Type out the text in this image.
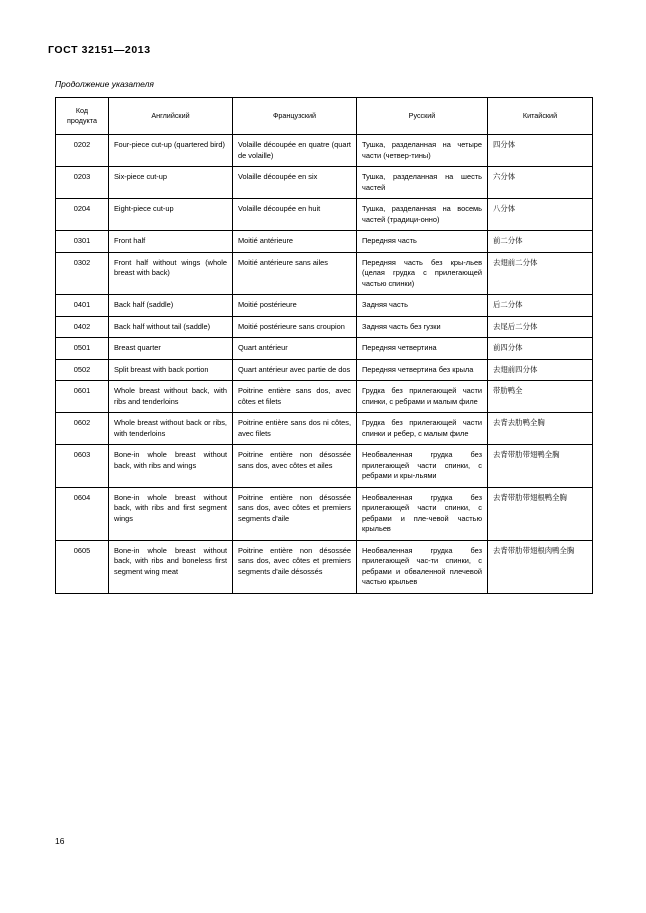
ГОСТ 32151—2013
Продолжение указателя
Код
продукта	Английский	Французский	Русский	Китайский
0202	Four-piece cut-up (quartered bird)	Volaille découpée en quatre (quart de volaille)	Тушка, разделанная на четыре части (четвер-тины)	四分体
0203	Six-piece cut-up	Volaille découpée en six	Тушка, разделанная на шесть частей	六分体
0204	Eight-piece cut-up	Volaille découpée en huit	Тушка, разделанная на восемь частей (традици-онно)	八分体
0301	Front half	Moitié antérieure	Передняя часть	前二分体
0302	Front half without wings (whole breast with back)	Moitié antérieure sans ailes	Передняя часть без кры-льев (целая грудка с прилегающей частью спинки)	去翅前二分体
0401	Back half (saddle)	Moitié postérieure	Задняя часть	后二分体
0402	Back half without tail (saddle)	Moitié postérieure sans croupion	Задняя часть без гузки	去尾后二分体
0501	Breast quarter	Quart antérieur	Передняя четвертина	前四分体
0502	Split breast with back portion	Quart antérieur avec partie de dos	Передняя четвертина без крыла	去翅前四分体
0601	Whole breast without back, with ribs and tenderloins	Poitrine entière sans dos, avec côtes et filets	Грудка без прилегающей части спинки, с ребрами и малым филе	带肋鸭全
0602	Whole breast without back or ribs, with tenderloins	Poitrine entière sans dos ni côtes, avec filets	Грудка без прилегающей части спинки и ребер, с малым филе	去背去肋鸭全胸
0603	Bone-in whole breast without back, with ribs and wings	Poitrine entière non désossée sans dos, avec côtes et ailes	Необваленная грудка без прилегающей части спинки, с ребрами и кры-льями	去背带肋带翅鸭全胸
0604	Bone-in whole breast without back, with ribs and first segment wings	Poitrine entière non désossée sans dos, avec côtes et premiers segments d'aile	Необваленная грудка без прилегающей части спинки, с ребрами и пле-чевой частью крыльев	去背带肋带翅根鸭全胸
0605	Bone-in whole breast without back, with ribs and boneless first segment wing meat	Poitrine entière non désossée sans dos, avec côtes et premiers segments d'aile désossés	Необваленная грудка без прилегающей час-ти спинки, с ребрами и обваленной плечевой частью крыльев	去背带肋带翅根肉鸭全胸
16
